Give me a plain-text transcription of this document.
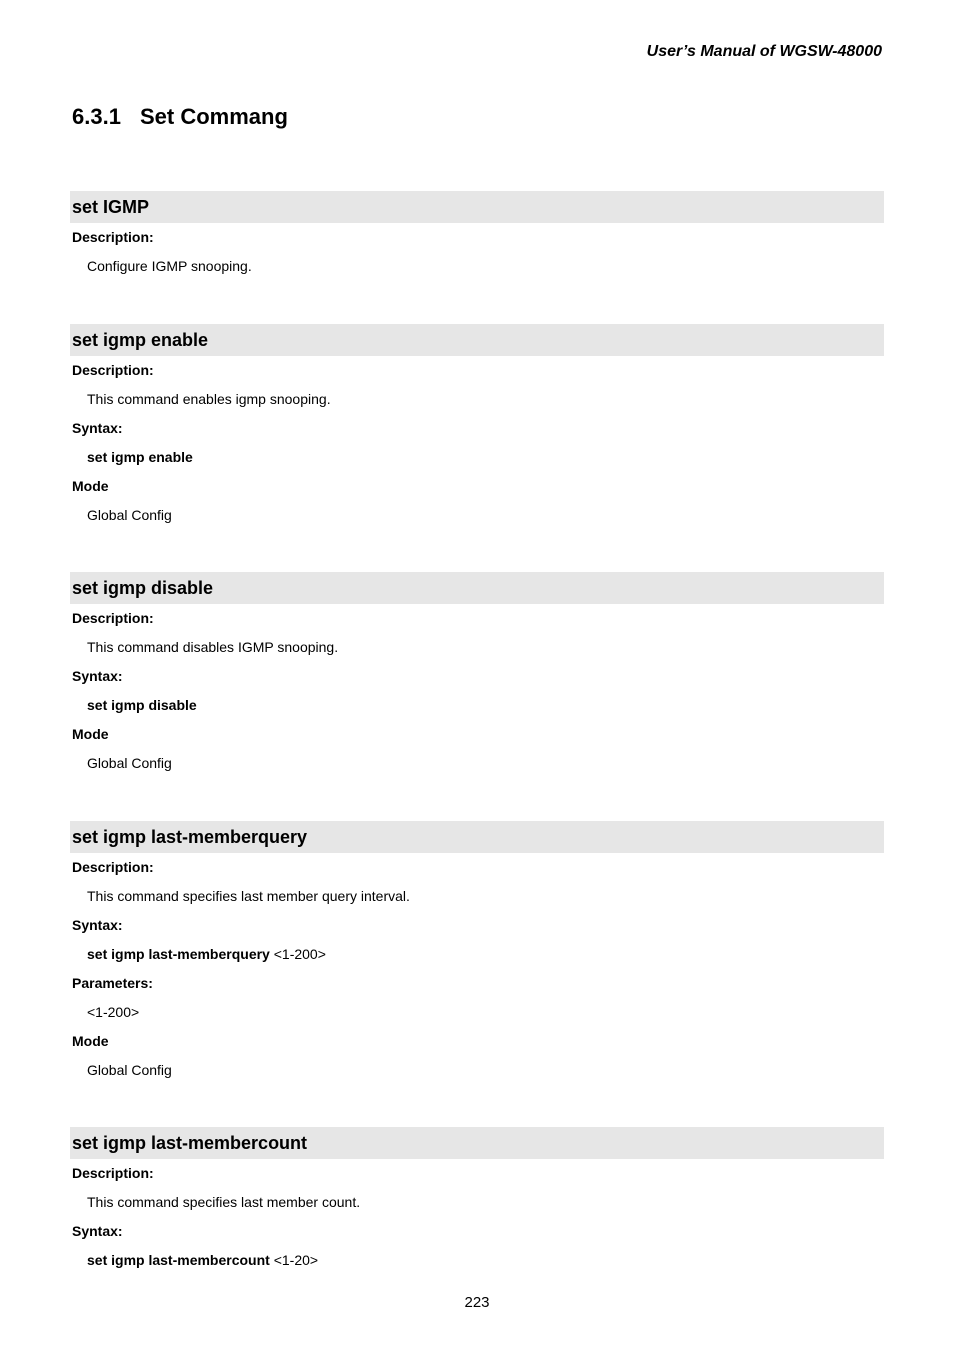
User’s Manual of WGSW-48000
6.3.1 Set Commang
set IGMP
Description:
Configure IGMP snooping.
set igmp enable
Description:
This command enables igmp snooping.
Syntax:
set igmp enable
Mode
Global Config
set igmp disable
Description:
This command disables IGMP snooping.
Syntax:
set igmp disable
Mode
Global Config
set igmp last-memberquery
Description:
This command specifies last member query interval.
Syntax:
set igmp last-memberquery <1-200>
Parameters:
<1-200>
Mode
Global Config
set igmp last-membercount
Description:
This command specifies last member count.
Syntax:
set igmp last-membercount <1-20>
223
